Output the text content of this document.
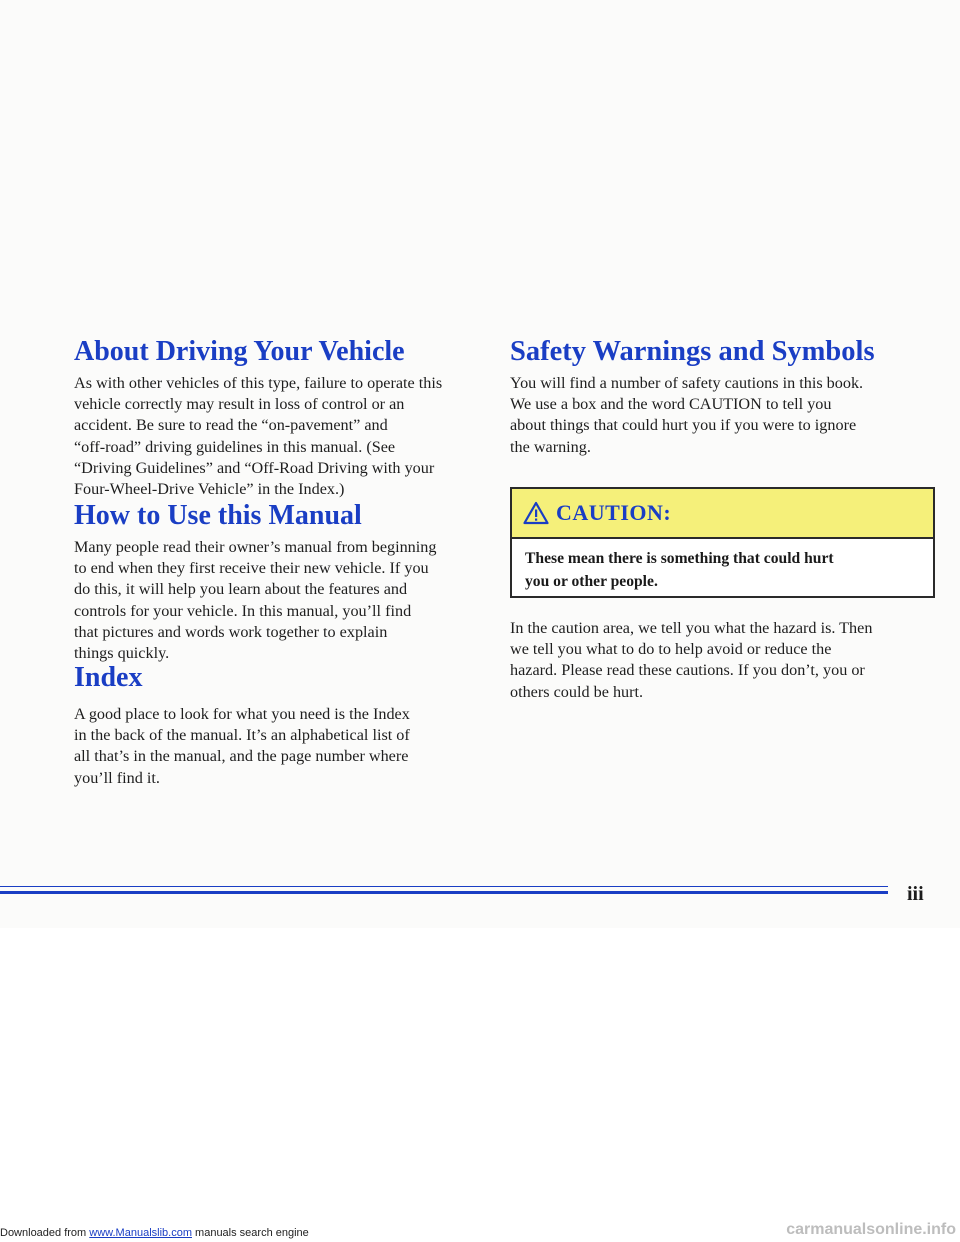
About Driving Your Vehicle

As with other vehicles of this type, failure to operate this
vehicle correctly may result in loss of control or an
accident. Be sure to read the “on-pavement” and
“off-road” driving guidelines in this manual. (See
“Driving Guidelines” and “Off-Road Driving with your
Four-Wheel-Drive Vehicle” in the Index.)

How to Use this Manual

Many people read their owner’s manual from beginning
to end when they first receive their new vehicle. If you
do this, it will help you learn about the features and
controls for your vehicle. In this manual, you’ll find
that pictures and words work together to explain
things quickly.

Index

A good place to look for what you need is the Index
in the back of the manual. It’s an alphabetical list of
all that’s in the manual, and the page number where
you’ll find it.

Safety Warnings and Symbols

You will find a number of safety cautions in this book.
We use a box and the word CAUTION to tell you
about things that could hurt you if you were to ignore
the warning.

CAUTION:

These mean there is something that could hurt
you or other people.

In the caution area, we tell you what the hazard is. Then
we tell you what to do to help avoid or reduce the
hazard. Please read these cautions. If you don’t, you or
others could be hurt.

iii
Downloaded from www.Manualslib.com manuals search engine	carmanualsonline.info
